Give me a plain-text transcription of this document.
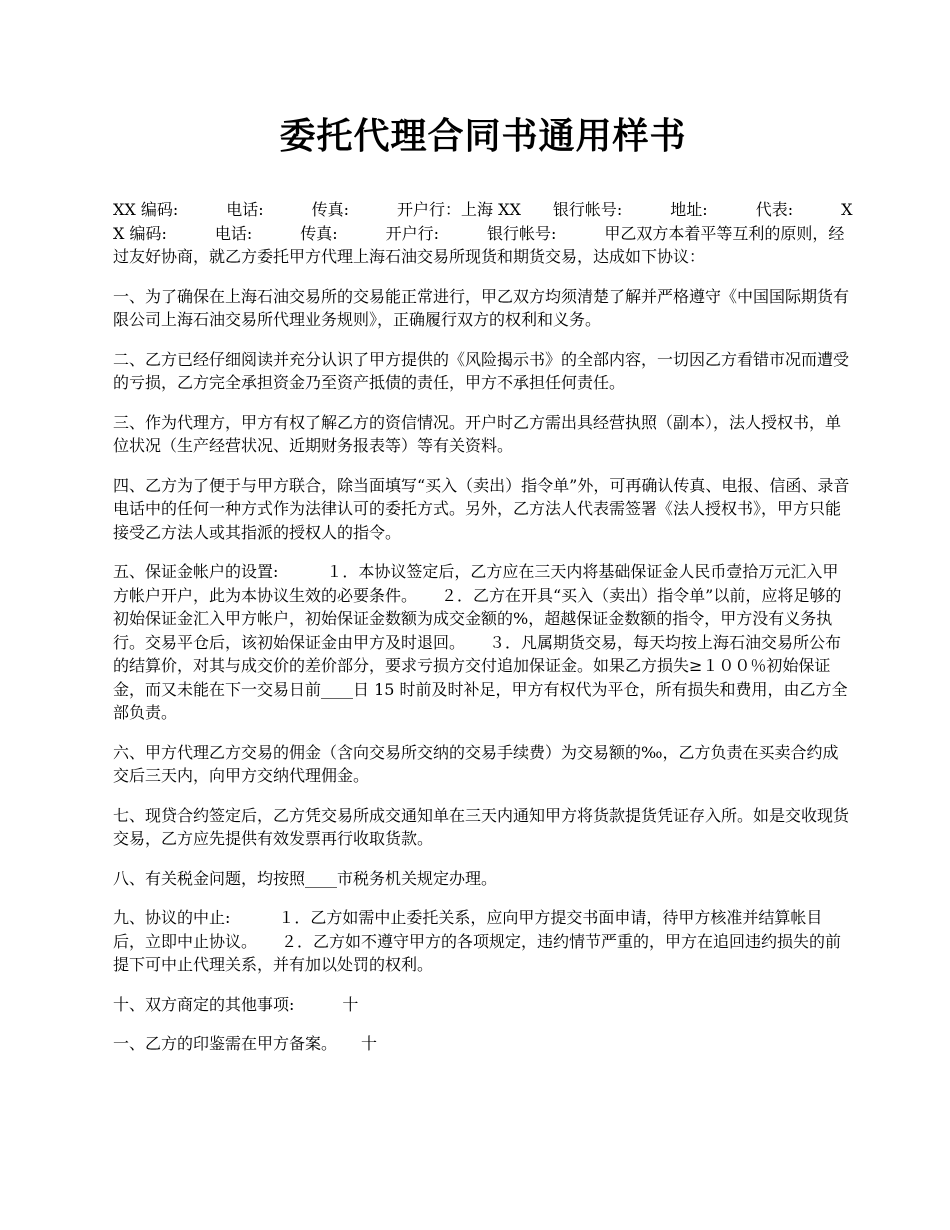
委托代理合同书通用样书

XX 编码:　　　电话:　　　传真:　　　开户行：上海 XX　　银行帐号:　　　地址:　　　代表:　　　XX 编码:　　　电话:　　　传真:　　　开户行:　　　银行帐号:　　　甲乙双方本着平等互利的原则，经过友好协商，就乙方委托甲方代理上海石油交易所现货和期货交易，达成如下协议：

一、为了确保在上海石油交易所的交易能正常进行，甲乙双方均须清楚了解并严格遵守《中国国际期货有限公司上海石油交易所代理业务规则》，正确履行双方的权利和义务。

二、乙方已经仔细阅读并充分认识了甲方提供的《风险揭示书》的全部内容，一切因乙方看错市况而遭受的亏损，乙方完全承担资金乃至资产抵债的责任，甲方不承担任何责任。

三、作为代理方，甲方有权了解乙方的资信情况。开户时乙方需出具经营执照（副本），法人授权书，单位状况（生产经营状况、近期财务报表等）等有关资料。

四、乙方为了便于与甲方联合，除当面填写“买入（卖出）指令单”外，可再确认传真、电报、信函、录音电话中的任何一种方式作为法律认可的委托方式。另外，乙方法人代表需签署《法人授权书》，甲方只能接受乙方法人或其指派的授权人的指令。

五、保证金帐户的设置:　　　１．本协议签定后，乙方应在三天内将基础保证金人民币壹拾万元汇入甲方帐户开户，此为本协议生效的必要条件。　　２．乙方在开具“买入（卖出）指令单”以前，应将足够的初始保证金汇入甲方帐户，初始保证金数额为成交金额的%，超越保证金数额的指令，甲方没有义务执行。交易平仓后，该初始保证金由甲方及时退回。　　３．凡属期货交易，每天均按上海石油交易所公布的结算价，对其与成交价的差价部分，要求亏损方交付追加保证金。如果乙方损失≥１００％初始保证金，而又未能在下一交易日前____日 15 时前及时补足，甲方有权代为平仓，所有损失和费用，由乙方全部负责。

六、甲方代理乙方交易的佣金（含向交易所交纳的交易手续费）为交易额的‰，乙方负责在买卖合约成交后三天内，向甲方交纳代理佣金。

七、现贷合约签定后，乙方凭交易所成交通知单在三天内通知甲方将货款提货凭证存入所。如是交收现货交易，乙方应先提供有效发票再行收取货款。

八、有关税金问题，均按照____市税务机关规定办理。

九、协议的中止:　　　１．乙方如需中止委托关系，应向甲方提交书面申请，待甲方核准并结算帐目后，立即中止协议。　　２．乙方如不遵守甲方的各项规定，违约情节严重的，甲方在追回违约损失的前提下可中止代理关系，并有加以处罚的权利。

十、双方商定的其他事项:　　　十

一、乙方的印鉴需在甲方备案。　　十
